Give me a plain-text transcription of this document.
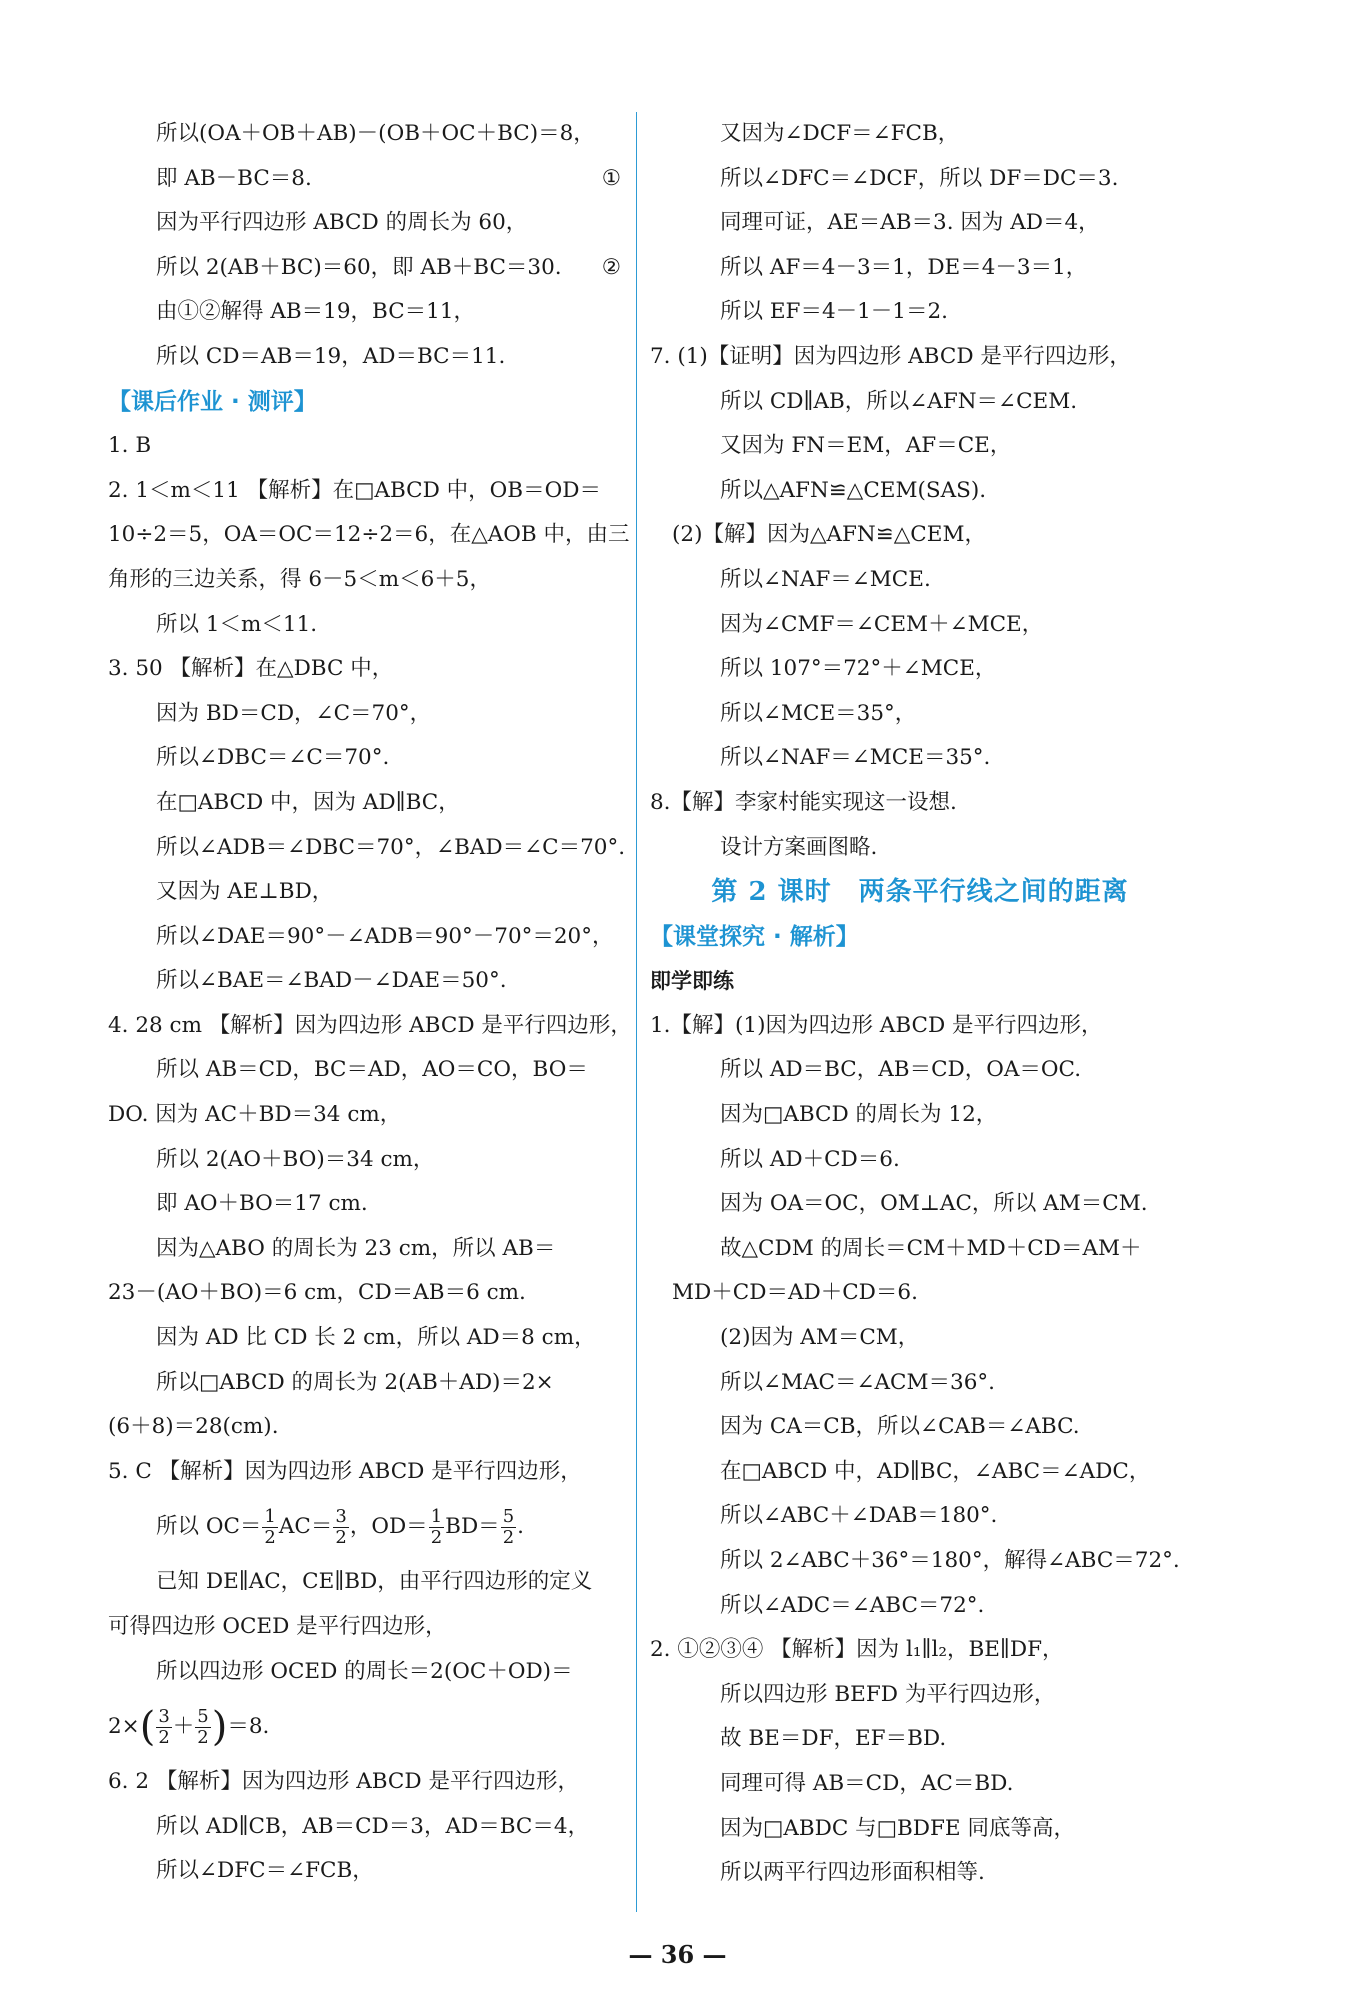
所以(OA＋OB＋AB)－(OB＋OC＋BC)＝8，
即 AB－BC＝8.	①
因为平行四边形 ABCD 的周长为 60，
所以 2(AB＋BC)＝60，即 AB＋BC＝30. ②
由①②解得 AB＝19，BC＝11，
所以 CD＝AB＝19，AD＝BC＝11.
【课后作业 · 测评】
1. B
2. 1＜m＜11 【解析】在□ABCD 中，OB＝OD＝
10÷2＝5，OA＝OC＝12÷2＝6，在△AOB 中，由三
角形的三边关系，得 6－5＜m＜6＋5，
所以 1＜m＜11.
3. 50 【解析】在△DBC 中，
因为 BD＝CD，∠C＝70°，
所以∠DBC＝∠C＝70°.
在□ABCD 中，因为 AD∥BC，
所以∠ADB＝∠DBC＝70°，∠BAD＝∠C＝70°.
又因为 AE⊥BD，
所以∠DAE＝90°－∠ADB＝90°－70°＝20°，
所以∠BAE＝∠BAD－∠DAE＝50°.
4. 28 cm 【解析】因为四边形 ABCD 是平行四边形，
所以 AB＝CD，BC＝AD，AO＝CO，BO＝
DO. 因为 AC＋BD＝34 cm，
所以 2(AO＋BO)＝34 cm，
即 AO＋BO＝17 cm.
因为△ABO 的周长为 23 cm，所以 AB＝
23－(AO＋BO)＝6 cm，CD＝AB＝6 cm.
因为 AD 比 CD 长 2 cm，所以 AD＝8 cm，
所以□ABCD 的周长为 2(AB＋AD)＝2×
(6＋8)＝28(cm).
5. C 【解析】因为四边形 ABCD 是平行四边形，
所以 $OC= \frac{1}{2} AC= \frac{3}{2}$ ，$OD= \frac{1}{2} BD= \frac{5}{2}$ .
已知 DE∥AC，CE∥BD，由平行四边形的定义
可得四边形 OCED 是平行四边形，
所以四边形 OCED 的周长＝2(OC＋OD)＝
$2\times( \frac{3}{2} + \frac{5}{2} )=8$.
6. 2 【解析】因为四边形 ABCD 是平行四边形，
所以 AD∥CB，AB＝CD＝3，AD＝BC＝4，
所以∠DFC＝∠FCB，
又因为∠DCF＝∠FCB，
所以∠DFC＝∠DCF，所以 DF＝DC＝3.
同理可证，AE＝AB＝3. 因为 AD＝4，
所以 AF＝4－3＝1，DE＝4－3＝1，
所以 EF＝4－1－1＝2.
7. (1)【证明】因为四边形 ABCD 是平行四边形，
所以 CD∥AB，所以∠AFN＝∠CEM.
又因为 FN＝EM，AF＝CE，
所以△AFN≌△CEM(SAS).
(2)【解】因为△AFN≌△CEM，
所以∠NAF＝∠MCE.
因为∠CMF＝∠CEM＋∠MCE，
所以 107°＝72°＋∠MCE，
所以∠MCE＝35°，
所以∠NAF＝∠MCE＝35°.
8.【解】李家村能实现这一设想.
设计方案画图略.
第 2 课时　两条平行线之间的距离
【课堂探究 · 解析】
即学即练
1.【解】(1)因为四边形 ABCD 是平行四边形，
所以 AD＝BC，AB＝CD，OA＝OC.
因为□ABCD 的周长为 12，
所以 AD＋CD＝6.
因为 OA＝OC，OM⊥AC，所以 AM＝CM.
故△CDM 的周长＝CM＋MD＋CD＝AM＋
MD＋CD＝AD＋CD＝6.
(2)因为 AM＝CM，
所以∠MAC＝∠ACM＝36°.
因为 CA＝CB，所以∠CAB＝∠ABC.
在□ABCD 中，AD∥BC，∠ABC＝∠ADC，
所以∠ABC＋∠DAB＝180°.
所以 2∠ABC＋36°＝180°，解得∠ABC＝72°.
所以∠ADC＝∠ABC＝72°.
2. ①②③④ 【解析】因为 l₁∥l₂，BE∥DF，
所以四边形 BEFD 为平行四边形，
故 BE＝DF，EF＝BD.
同理可得 AB＝CD，AC＝BD.
因为□ABDC 与□BDFE 同底等高，
所以两平行四边形面积相等.
— 36 —
